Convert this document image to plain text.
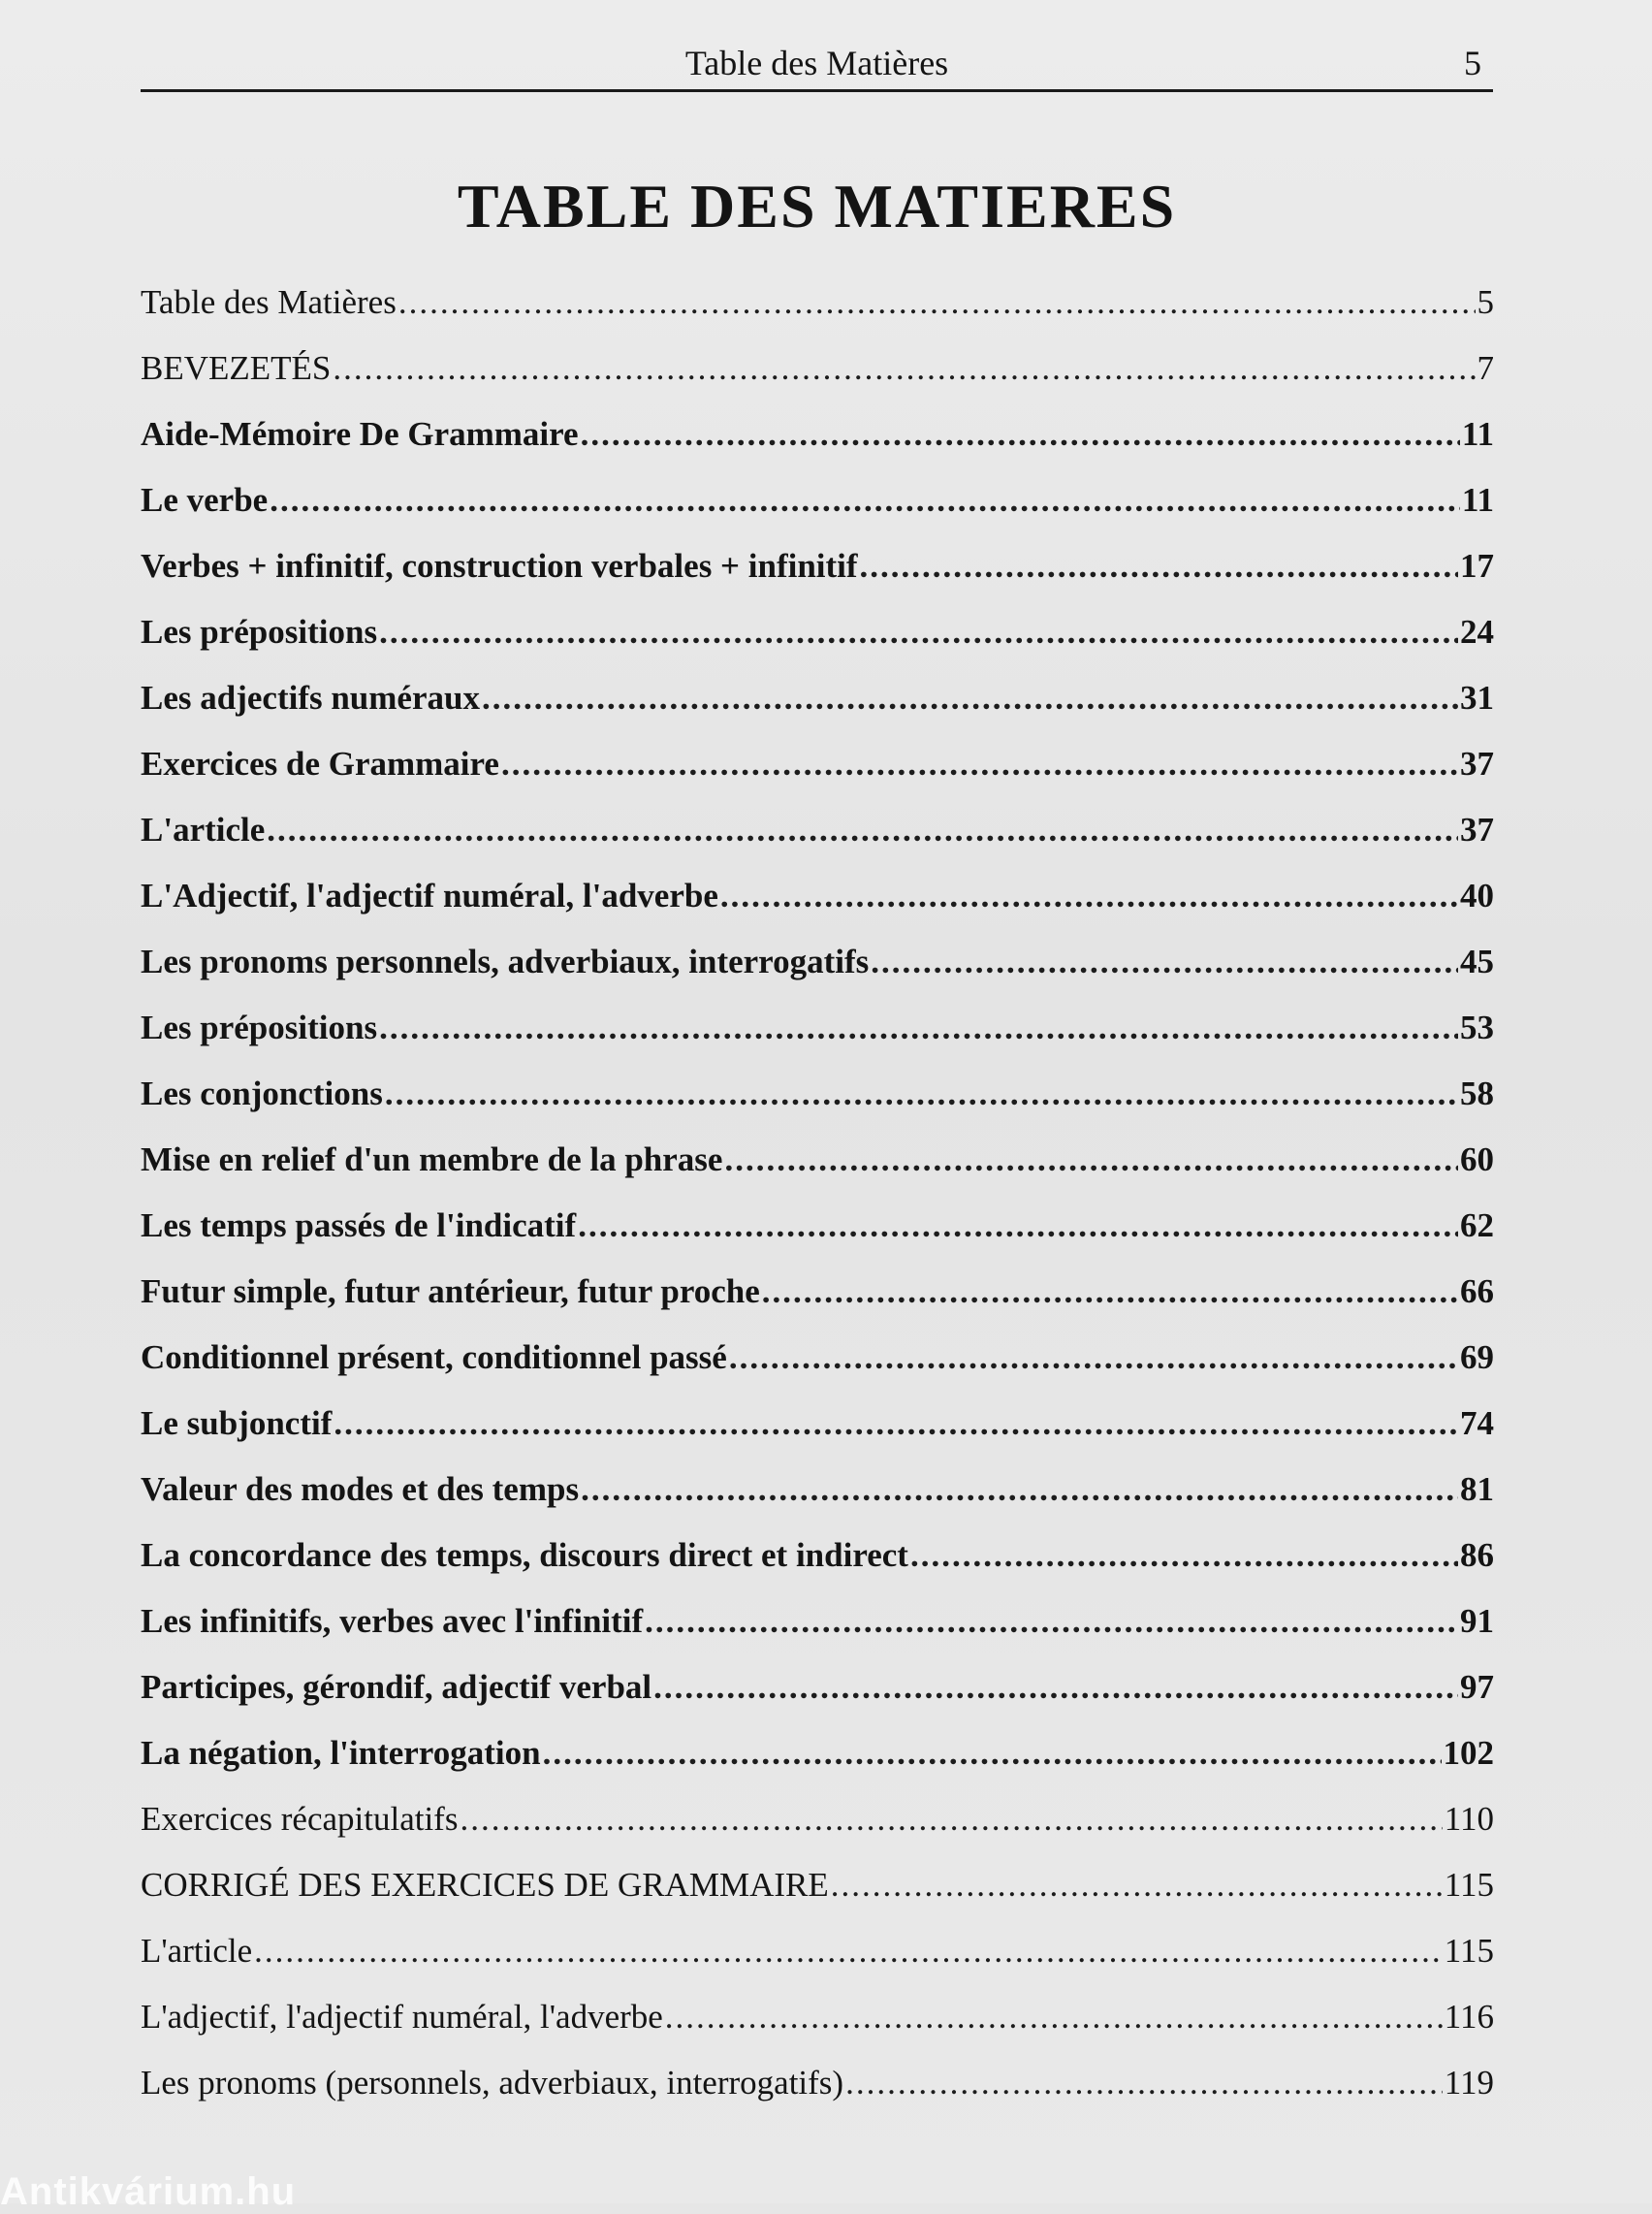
Table des Matières	5
TABLE DES MATIERES
Table des Matières .....	5
BEVEZETÉS .....	7
Aide-Mémoire De Grammaire .....	11
Le verbe .....	11
Verbes + infinitif, construction verbales + infinitif .....	17
Les prépositions .....	24
Les adjectifs numéraux .....	31
Exercices de Grammaire .....	37
L'article .....	37
L'Adjectif, l'adjectif numéral, l'adverbe .....	40
Les pronoms personnels, adverbiaux, interrogatifs .....	45
Les prépositions .....	53
Les conjonctions .....	58
Mise en relief d'un membre de la phrase .....	60
Les temps passés de l'indicatif .....	62
Futur simple, futur antérieur, futur proche .....	66
Conditionnel présent, conditionnel passé .....	69
Le subjonctif .....	74
Valeur des modes et des temps .....	81
La concordance des temps, discours direct et indirect .....	86
Les infinitifs, verbes avec l'infinitif .....	91
Participes, gérondif, adjectif verbal .....	97
La négation, l'interrogation .....	102
Exercices récapitulatifs .....	110
CORRIGÉ DES EXERCICES DE GRAMMAIRE .....	115
L'article .....	115
L'adjectif, l'adjectif numéral, l'adverbe .....	116
Les pronoms (personnels, adverbiaux, interrogatifs) .....	119
Antikvárium.hu
